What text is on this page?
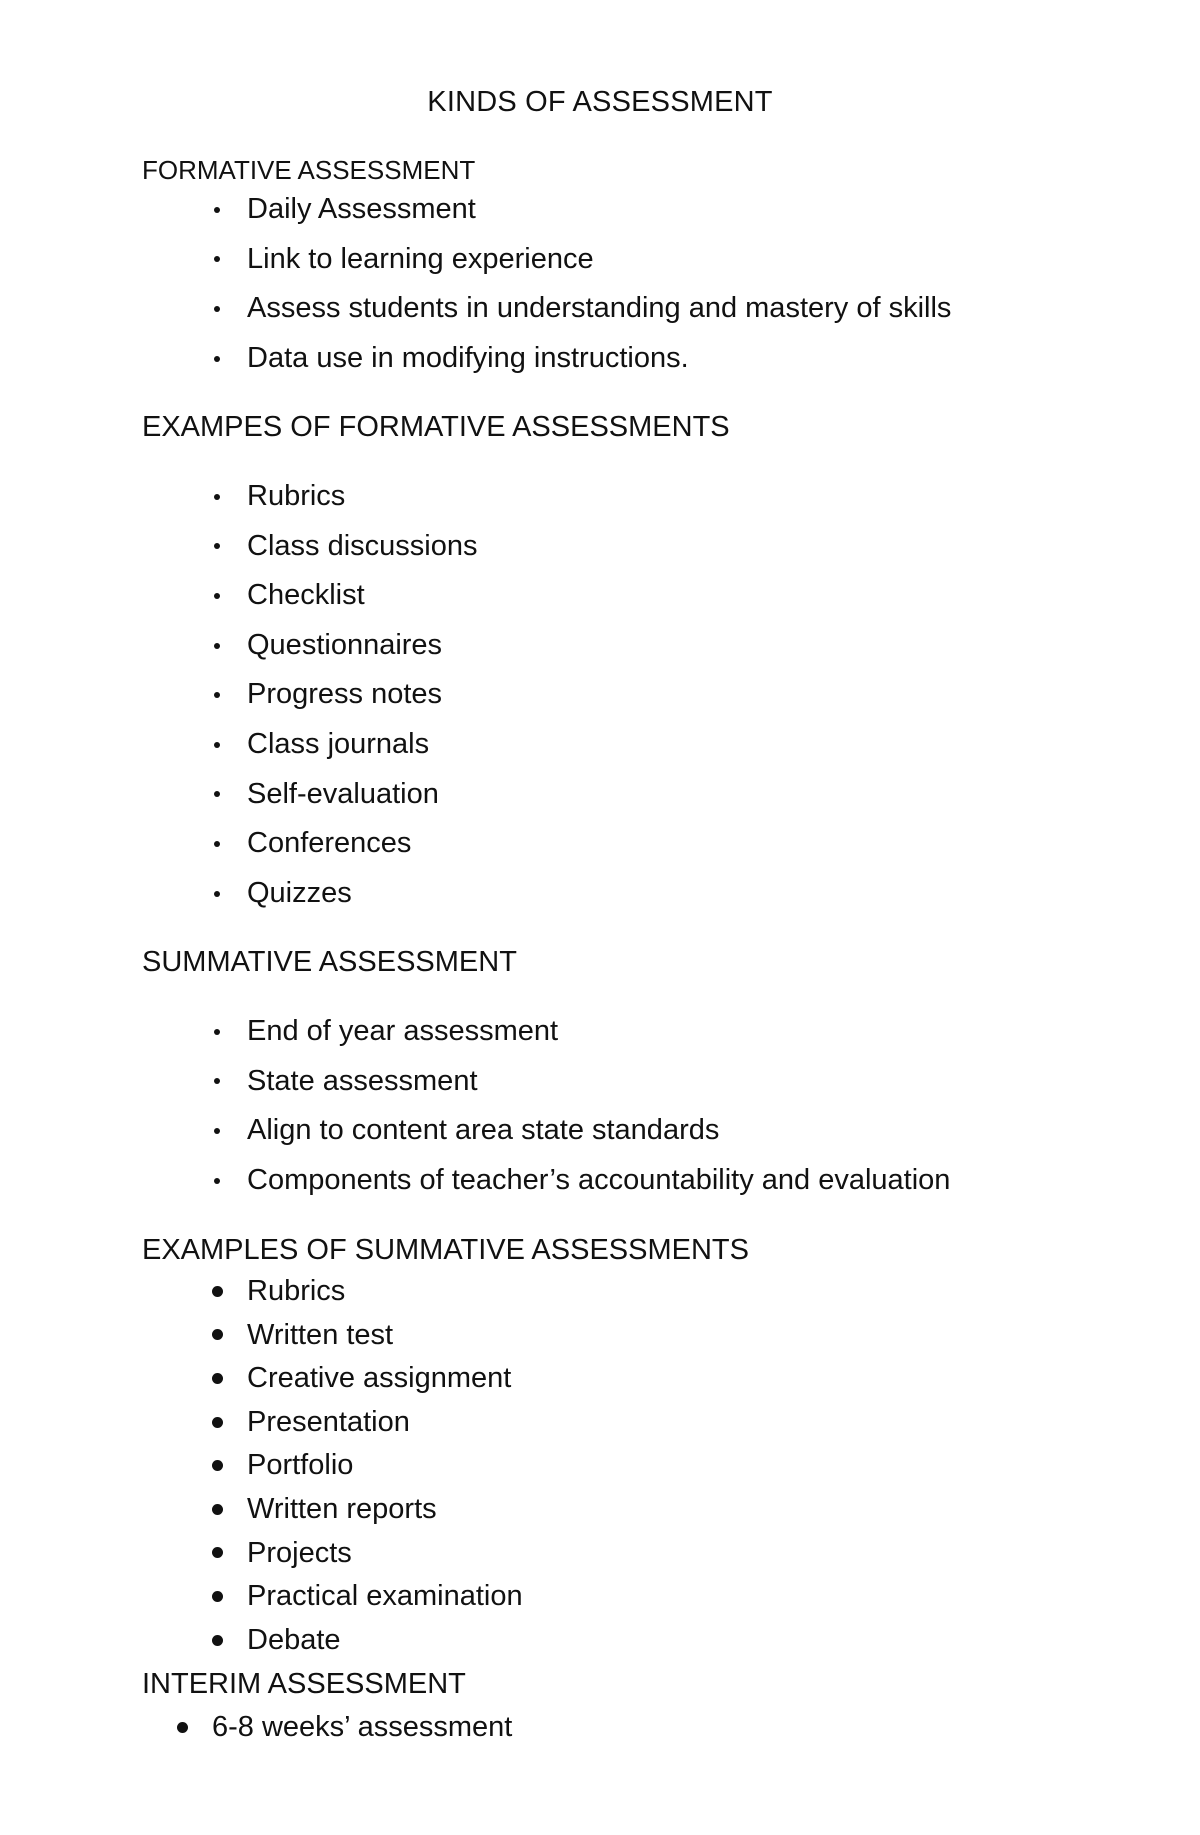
KINDS OF ASSESSMENT
FORMATIVE ASSESSMENT
Daily Assessment
Link to learning experience
Assess students in understanding and mastery of skills
Data use in modifying instructions.
EXAMPES OF FORMATIVE ASSESSMENTS
Rubrics
Class discussions
Checklist
Questionnaires
Progress notes
Class journals
Self-evaluation
Conferences
Quizzes
SUMMATIVE ASSESSMENT
End of year assessment
State assessment
Align to content area state standards
Components of teacher’s accountability and evaluation
EXAMPLES OF SUMMATIVE ASSESSMENTS
Rubrics
Written test
Creative assignment
Presentation
Portfolio
Written reports
Projects
Practical examination
Debate
INTERIM ASSESSMENT
6-8 weeks’ assessment
